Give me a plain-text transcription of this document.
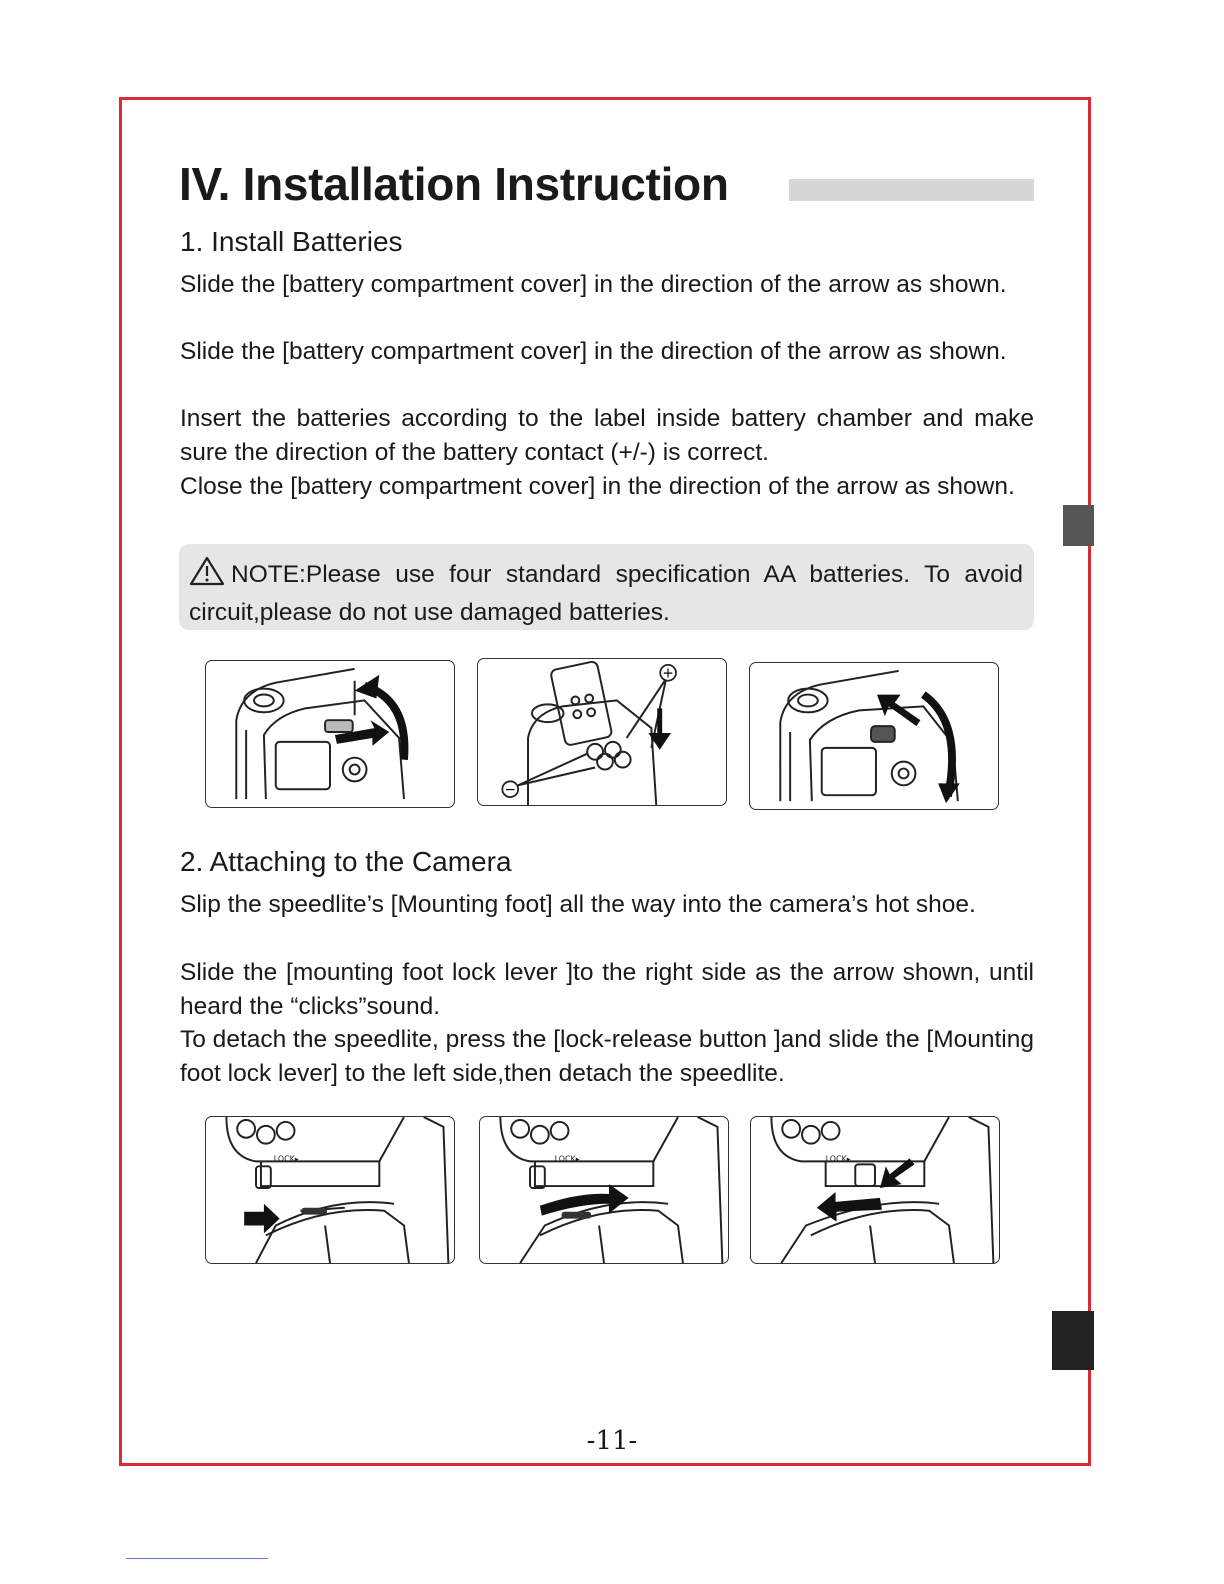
IV. Installation Instruction
1. Install Batteries

Slide the [battery compartment cover] in the direction of the arrow as shown.

Slide the [battery compartment cover] in the direction of the arrow as shown.

Insert the batteries according to the label inside battery chamber and make sure the direction of the battery contact (+/-) is correct.

Close the [battery compartment cover] in the direction of the arrow as shown.

NOTE:Please use four standard specification AA batteries. To avoid circuit,please do not use damaged batteries.

+
−
2. Attaching to the Camera

Slip the speedlite’s [Mounting foot] all the way into the camera’s hot shoe.

Slide the [mounting foot lock lever ]to the right side as the arrow shown, until heard the “clicks”sound.

To detach the speedlite, press the [lock-release button ]and slide the [Mounting foot lock lever] to the left side,then detach the speedlite.

LOCK▸	LOCK▸	LOCK▸
-11-
